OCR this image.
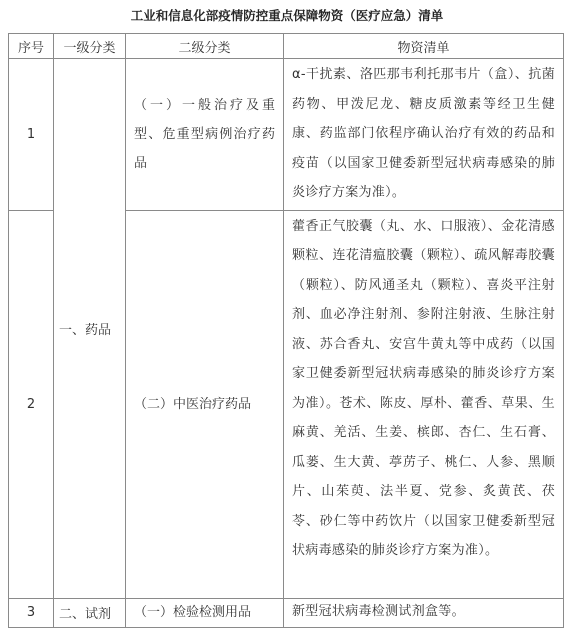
工业和信息化部疫情防控重点保障物资（医疗应急）清单
序号	一级分类	二级分类	物资清单
1	一、药品	（一）一般治疗及重型、危重型病例治疗药品	α-干扰素、洛匹那韦利托那韦片（盒）、抗菌药物、甲泼尼龙、糖皮质激素等经卫生健康、药监部门依程序确认治疗有效的药品和疫苗（以国家卫健委新型冠状病毒感染的肺炎诊疗方案为准）。

2		（二）中医治疗药品	藿香正气胶囊（丸、水、口服液）、金花清感颗粒、连花清瘟胶囊（颗粒）、疏风解毒胶囊（颗粒）、防风通圣丸（颗粒）、喜炎平注射剂、血必净注射剂、参附注射液、生脉注射液、苏合香丸、安宫牛黄丸等中成药（以国家卫健委新型冠状病毒感染的肺炎诊疗方案为准）。苍术、陈皮、厚朴、藿香、草果、生麻黄、羌活、生姜、槟郎、杏仁、生石膏、瓜蒌、生大黄、葶苈子、桃仁、人参、黑顺片、山茱萸、法半夏、党参、炙黄芪、茯苓、砂仁等中药饮片（以国家卫健委新型冠状病毒感染的肺炎诊疗方案为准）。

3	二、试剂	（一）检验检测用品	新型冠状病毒检测试剂盒等。
